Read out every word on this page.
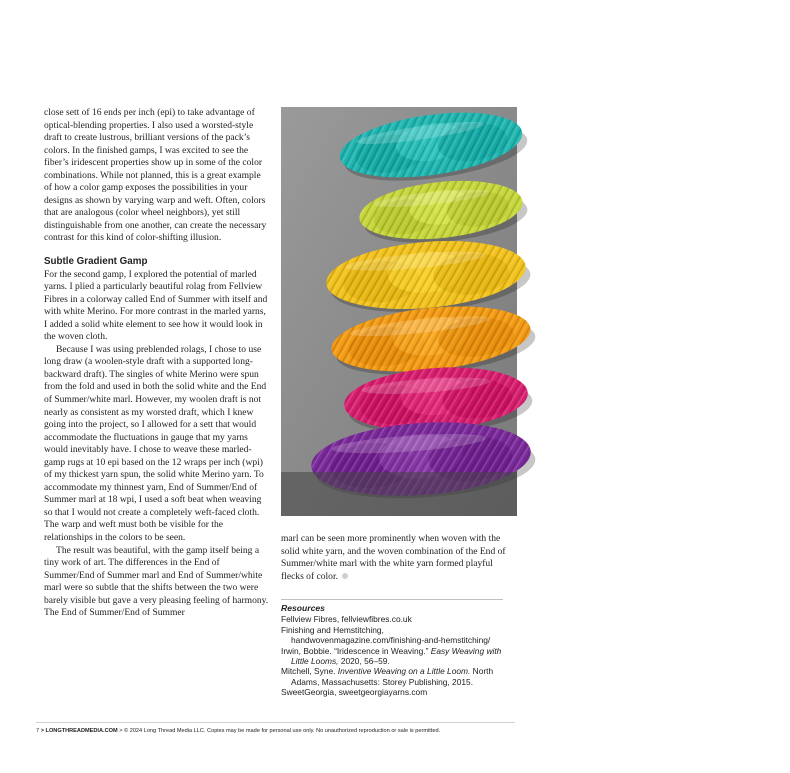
close sett of 16 ends per inch (epi) to take advantage of optical-blending properties. I also used a worsted-style draft to create lustrous, brilliant versions of the pack’s colors. In the finished gamps, I was excited to see the fiber’s iridescent properties show up in some of the color combinations. While not planned, this is a great example of how a color gamp exposes the possibilities in your designs as shown by varying warp and weft. Often, colors that are analogous (color wheel neighbors), yet still distinguishable from one another, can create the necessary contrast for this kind of color-shifting illusion.

Subtle Gradient Gamp

For the second gamp, I explored the potential of marled yarns. I plied a particularly beautiful rolag from Fellview Fibres in a colorway called End of Summer with itself and with white Merino. For more contrast in the marled yarns, I added a solid white element to see how it would look in the woven cloth.

Because I was using preblended rolags, I chose to use long draw (a woolen-style draft with a supported long-backward draft). The singles of white Merino were spun from the fold and used in both the solid white and the End of Summer/white marl. However, my woolen draft is not nearly as consistent as my worsted draft, which I knew going into the project, so I allowed for a sett that would accommodate the fluctuations in gauge that my yarns would inevitably have. I chose to weave these marled-gamp rugs at 10 epi based on the 12 wraps per inch (wpi) of my thickest yarn spun, the solid white Merino yarn. To accommodate my thinnest yarn, End of Summer/End of Summer marl at 18 wpi, I used a soft beat when weaving so that I would not create a completely weft-faced cloth. The warp and weft must both be visible for the relationships in the colors to be seen.

The result was beautiful, with the gamp itself being a tiny work of art. The differences in the End of Summer/End of Summer marl and End of Summer/white marl were so subtle that the shifts between the two were barely visible but gave a very pleasing feeling of harmony. The End of Summer/End of Summer

Rachel spun six yarns, three primary and three secondary colors, for her first gamp. Top to bottom: Glacier, Melon, Lemon Curd, Dutch, Orchid, and Juicebox.

marl can be seen more prominently when woven with the solid white yarn, and the woven combination of the End of Summer/white marl with the white yarn formed playful flecks of color.

Resources

Fellview Fibres, fellviewfibres.co.uk

Finishing and Hemstitching, handwovenmagazine.com/finishing-and-hemstitching/

Irwin, Bobbie. “Iridescence in Weaving.” Easy Weaving with Little Looms, 2020, 56–59.

Mitchell, Syne. Inventive Weaving on a Little Loom. North Adams, Massachusetts: Storey Publishing, 2015.

SweetGeorgia, sweetgeorgiayarns.com

7 > LONGTHREADMEDIA.COM > © 2024 Long Thread Media LLC. Copies may be made for personal use only. No unauthorized reproduction or sale is permitted.
